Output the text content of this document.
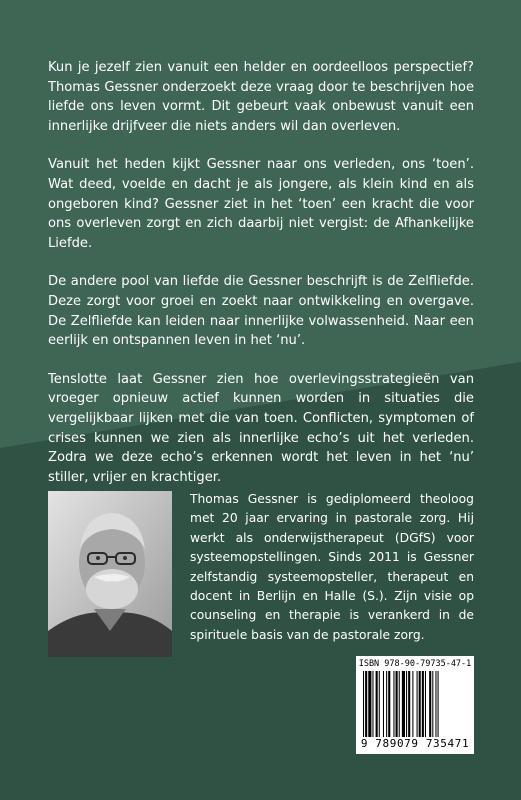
Kun je jezelf zien vanuit een helder en oordeelloos perspectief? Thomas Gessner onderzoekt deze vraag door te beschrijven hoe liefde ons leven vormt. Dit gebeurt vaak onbewust vanuit een innerlijke drijfveer die niets anders wil dan overleven.

Vanuit het heden kijkt Gessner naar ons verleden, ons ‘toen’. Wat deed, voelde en dacht je als jongere, als klein kind en als ongeboren kind? Gessner ziet in het ‘toen’ een kracht die voor ons overleven zorgt en zich daarbij niet vergist: de Afhankelijke Liefde.

De andere pool van liefde die Gessner beschrijft is de Zelfliefde. Deze zorgt voor groei en zoekt naar ontwikkeling en overgave. De Zelfliefde kan leiden naar innerlijke volwassenheid. Naar een eerlijk en ontspannen leven in het ‘nu’.

Tenslotte laat Gessner zien hoe overlevingsstrategieën van vroeger opnieuw actief kunnen worden in situaties die vergelijkbaar lijken met die van toen. Conflicten, symptomen of crises kunnen we zien als innerlijke echo’s uit het verleden. Zodra we deze echo’s erkennen wordt het leven in het ‘nu’ stiller, vrijer en krachtiger.

Thomas Gessner is gediplomeerd theoloog met 20 jaar ervaring in pastorale zorg. Hij werkt als onderwijstherapeut (DGfS) voor systeemopstellingen. Sinds 2011 is Gessner zelfstandig systeemopsteller, therapeut en docent in Berlijn en Halle (S.). Zijn visie op counseling en therapie is verankerd in de spirituele basis van de pastorale zorg.
ISBN 978-90-79735-47-1
9 789079 735471
